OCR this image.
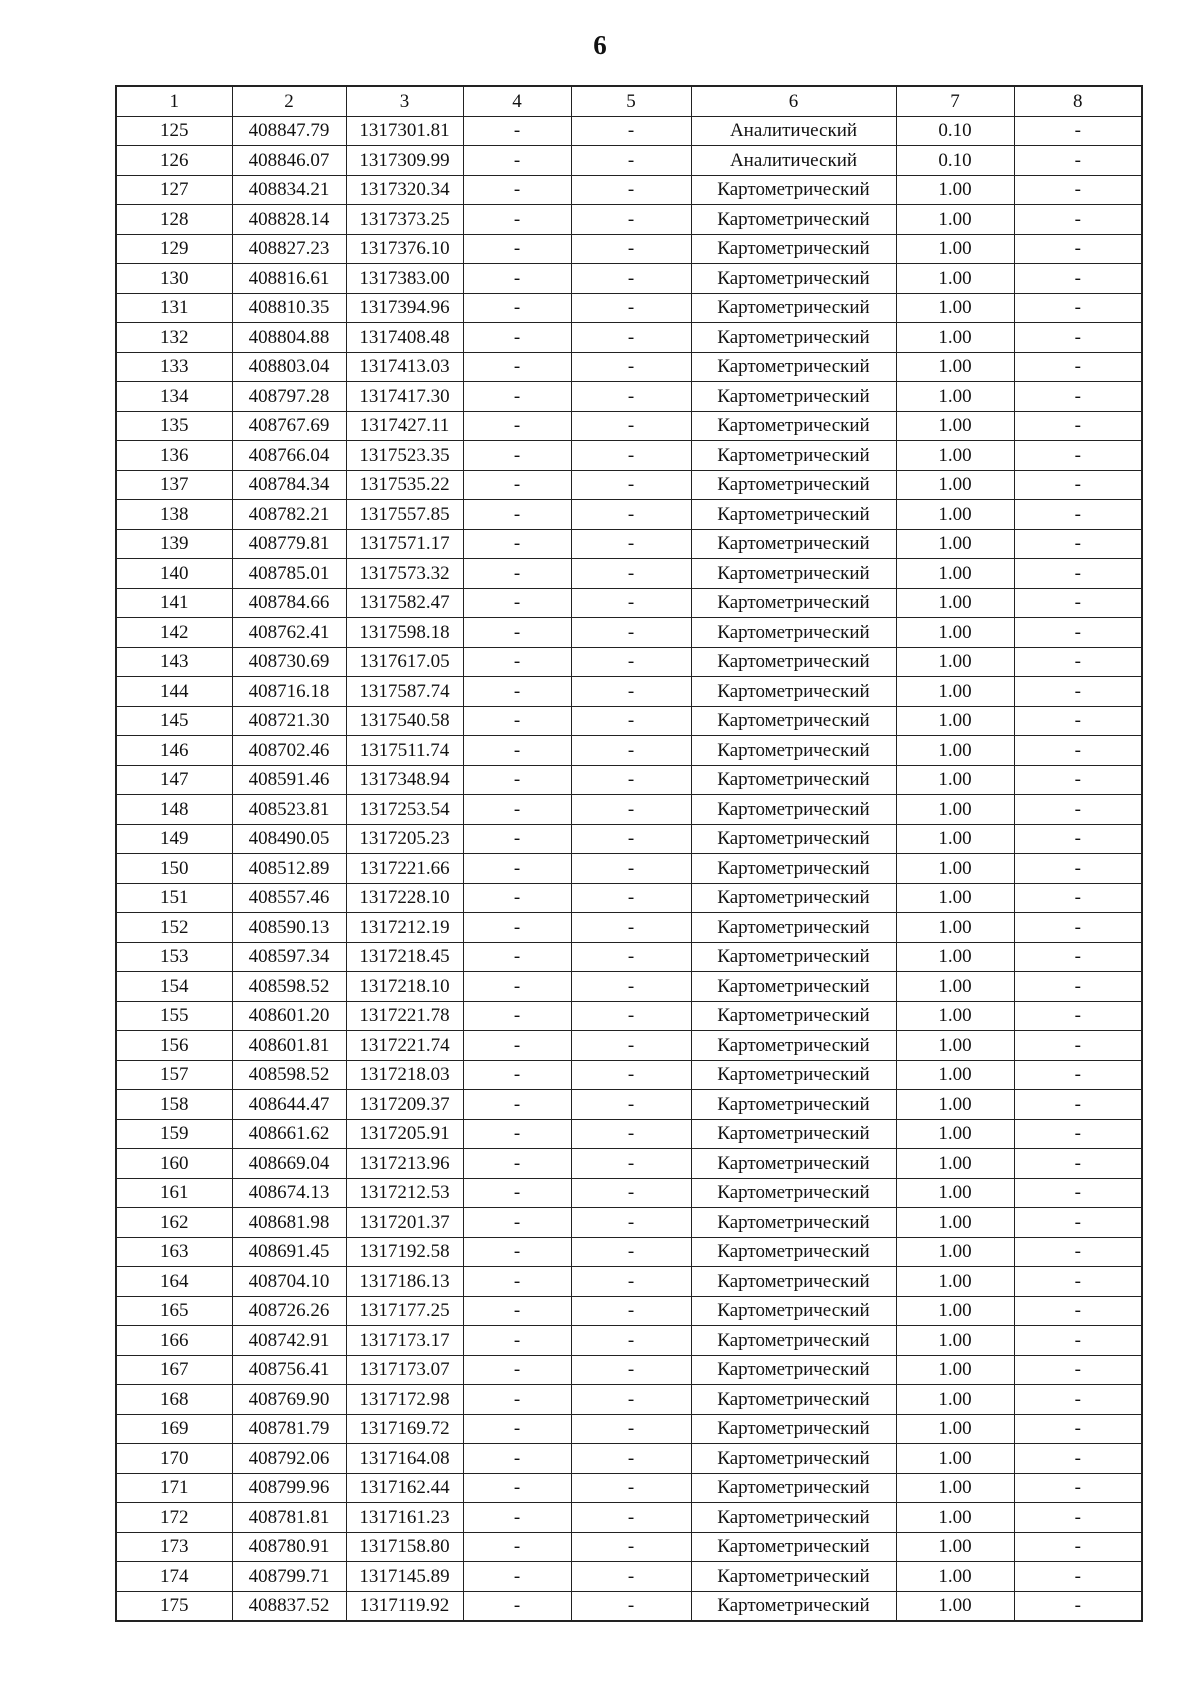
6
1	2	3	4	5	6	7	8
125	408847.79	1317301.81	-	-	Аналитический	0.10	-
126	408846.07	1317309.99	-	-	Аналитический	0.10	-
127	408834.21	1317320.34	-	-	Картометрический	1.00	-
128	408828.14	1317373.25	-	-	Картометрический	1.00	-
129	408827.23	1317376.10	-	-	Картометрический	1.00	-
130	408816.61	1317383.00	-	-	Картометрический	1.00	-
131	408810.35	1317394.96	-	-	Картометрический	1.00	-
132	408804.88	1317408.48	-	-	Картометрический	1.00	-
133	408803.04	1317413.03	-	-	Картометрический	1.00	-
134	408797.28	1317417.30	-	-	Картометрический	1.00	-
135	408767.69	1317427.11	-	-	Картометрический	1.00	-
136	408766.04	1317523.35	-	-	Картометрический	1.00	-
137	408784.34	1317535.22	-	-	Картометрический	1.00	-
138	408782.21	1317557.85	-	-	Картометрический	1.00	-
139	408779.81	1317571.17	-	-	Картометрический	1.00	-
140	408785.01	1317573.32	-	-	Картометрический	1.00	-
141	408784.66	1317582.47	-	-	Картометрический	1.00	-
142	408762.41	1317598.18	-	-	Картометрический	1.00	-
143	408730.69	1317617.05	-	-	Картометрический	1.00	-
144	408716.18	1317587.74	-	-	Картометрический	1.00	-
145	408721.30	1317540.58	-	-	Картометрический	1.00	-
146	408702.46	1317511.74	-	-	Картометрический	1.00	-
147	408591.46	1317348.94	-	-	Картометрический	1.00	-
148	408523.81	1317253.54	-	-	Картометрический	1.00	-
149	408490.05	1317205.23	-	-	Картометрический	1.00	-
150	408512.89	1317221.66	-	-	Картометрический	1.00	-
151	408557.46	1317228.10	-	-	Картометрический	1.00	-
152	408590.13	1317212.19	-	-	Картометрический	1.00	-
153	408597.34	1317218.45	-	-	Картометрический	1.00	-
154	408598.52	1317218.10	-	-	Картометрический	1.00	-
155	408601.20	1317221.78	-	-	Картометрический	1.00	-
156	408601.81	1317221.74	-	-	Картометрический	1.00	-
157	408598.52	1317218.03	-	-	Картометрический	1.00	-
158	408644.47	1317209.37	-	-	Картометрический	1.00	-
159	408661.62	1317205.91	-	-	Картометрический	1.00	-
160	408669.04	1317213.96	-	-	Картометрический	1.00	-
161	408674.13	1317212.53	-	-	Картометрический	1.00	-
162	408681.98	1317201.37	-	-	Картометрический	1.00	-
163	408691.45	1317192.58	-	-	Картометрический	1.00	-
164	408704.10	1317186.13	-	-	Картометрический	1.00	-
165	408726.26	1317177.25	-	-	Картометрический	1.00	-
166	408742.91	1317173.17	-	-	Картометрический	1.00	-
167	408756.41	1317173.07	-	-	Картометрический	1.00	-
168	408769.90	1317172.98	-	-	Картометрический	1.00	-
169	408781.79	1317169.72	-	-	Картометрический	1.00	-
170	408792.06	1317164.08	-	-	Картометрический	1.00	-
171	408799.96	1317162.44	-	-	Картометрический	1.00	-
172	408781.81	1317161.23	-	-	Картометрический	1.00	-
173	408780.91	1317158.80	-	-	Картометрический	1.00	-
174	408799.71	1317145.89	-	-	Картометрический	1.00	-
175	408837.52	1317119.92	-	-	Картометрический	1.00	-
